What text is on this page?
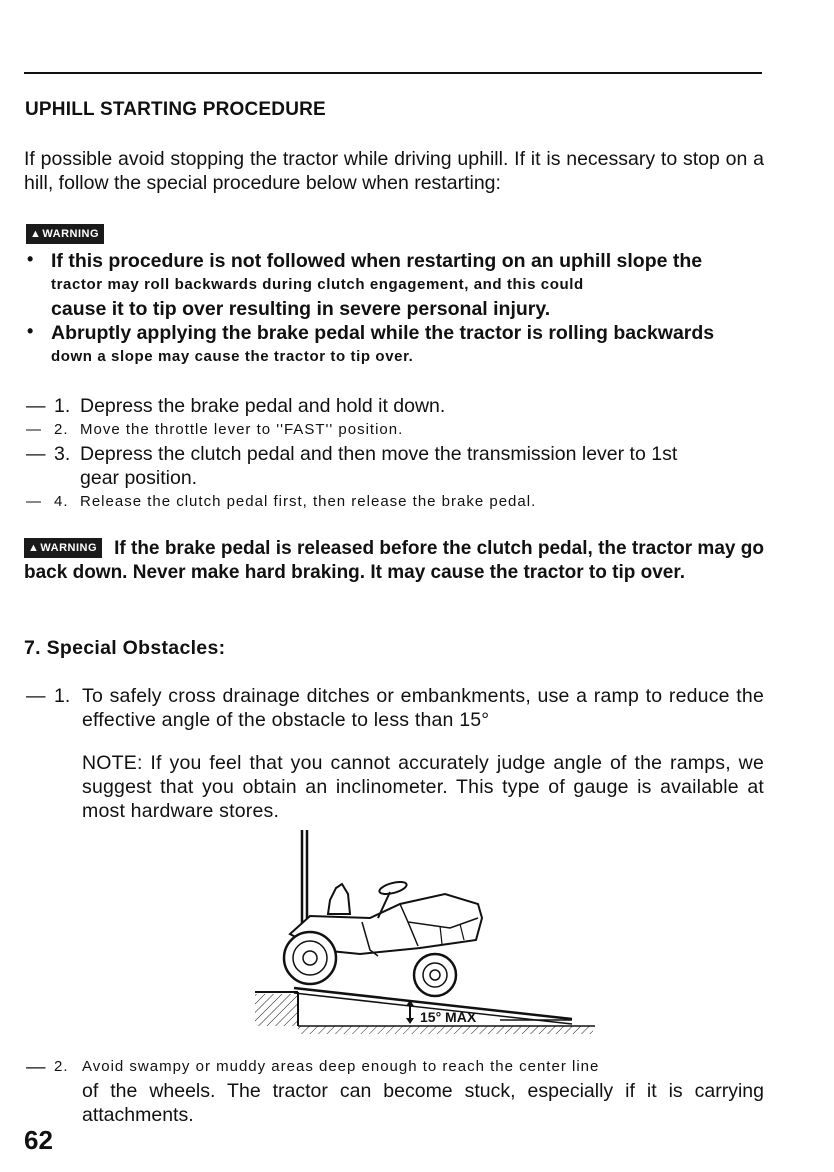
UPHILL STARTING PROCEDURE
If possible avoid stopping the tractor while driving uphill. If it is necessary to stop on a hill, follow the special procedure below when restarting:
▲WARNING
• If this procedure is not followed when restarting on an uphill slope the
tractor may roll backwards during clutch engagement, and this could
cause it to tip over resulting in severe personal injury.
• Abruptly applying the brake pedal while the tractor is rolling backwards
down a slope may cause the tractor to tip over.
— 1. Depress the brake pedal and hold it down.
— 2. Move the throttle lever to ''FAST'' position.
— 3. Depress the clutch pedal and then move the transmission lever to 1st
gear position.
— 4. Release the clutch pedal first, then release the brake pedal.
▲WARNING If the brake pedal is released before the clutch pedal, the tractor may go back down. Never make hard braking. It may cause the tractor to tip over.
7. Special Obstacles:
— 1. To safely cross drainage ditches or embankments, use a ramp to reduce the effective angle of the obstacle to less than 15°
NOTE: If you feel that you cannot accurately judge angle of the ramps, we suggest that you obtain an inclinometer. This type of gauge is available at most hardware stores.
15° MAX
— 2. Avoid swampy or muddy areas deep enough to reach the center line
of the wheels. The tractor can become stuck, especially if it is carrying attachments.
62
